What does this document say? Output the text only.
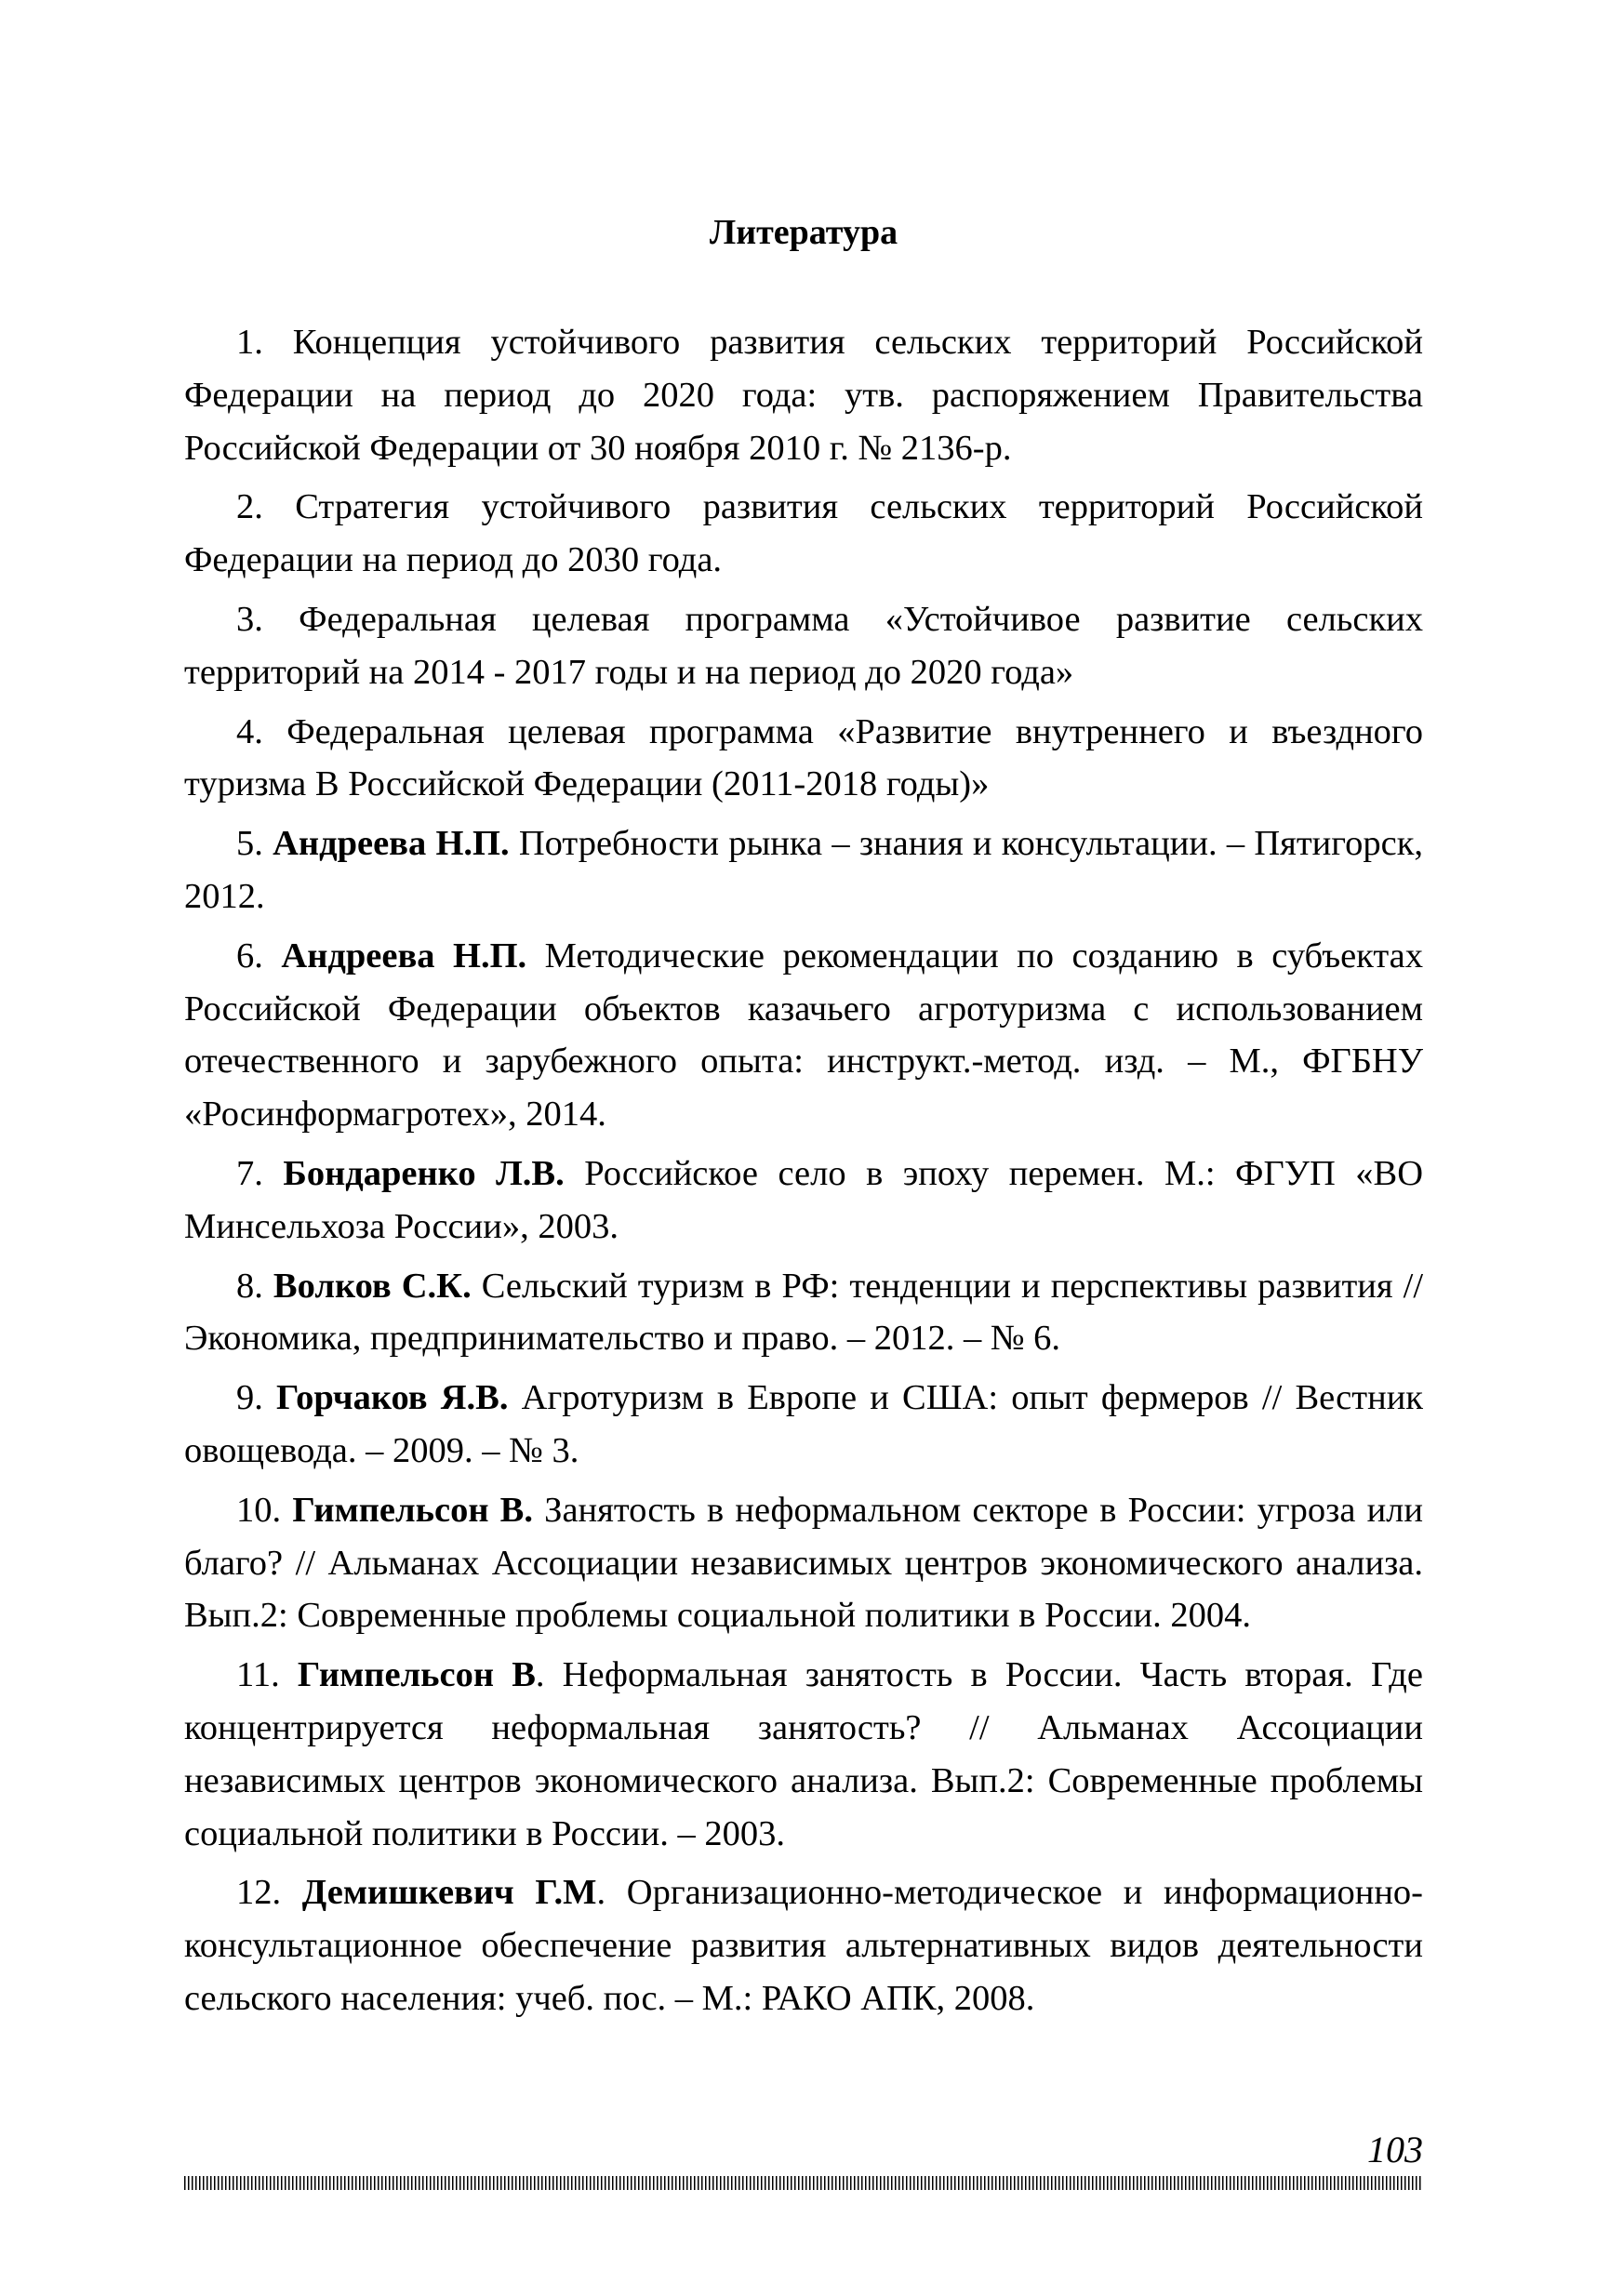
Литература
1. Концепция устойчивого развития сельских территорий Российской Федерации на период до 2020 года: утв. распоряжением Правительства Российской Федерации от 30 ноября 2010 г. № 2136-р.
2. Стратегия устойчивого развития сельских территорий Российской Федерации на период до 2030 года.
3. Федеральная целевая программа «Устойчивое развитие сельских территорий на 2014 - 2017 годы и на период до 2020 года»
4. Федеральная целевая программа «Развитие внутреннего и въездного туризма В Российской Федерации (2011-2018 годы)»
5. Андреева Н.П. Потребности рынка – знания и консультации. – Пятигорск, 2012.
6. Андреева Н.П. Методические рекомендации по созданию в субъектах Российской Федерации объектов казачьего агротуризма с использованием отечественного и зарубежного опыта: инструкт.-метод. изд. – М., ФГБНУ «Росинформагротех», 2014.
7. Бондаренко Л.В. Российское село в эпоху перемен. М.: ФГУП «ВО Минсельхоза России», 2003.
8. Волков С.К. Сельский туризм в РФ: тенденции и перспективы развития // Экономика, предпринимательство и право. – 2012. – № 6.
9. Горчаков Я.В. Агротуризм в Европе и США: опыт фермеров // Вестник овощевода. – 2009. – № 3.
10. Гимпельсон В. Занятость в неформальном секторе в России: угроза или благо? // Альманах Ассоциации независимых центров экономического анализа. Вып.2: Современные проблемы социальной политики в России. 2004.
11. Гимпельсон В. Неформальная занятость в России. Часть вторая. Где концентрируется неформальная занятость? // Альманах Ассоциации независимых центров экономического анализа. Вып.2: Современные проблемы социальной политики в России. – 2003.
12. Демишкевич Г.М. Организационно-методическое и информационно-консультационное обеспечение развития альтернативных видов деятельности сельского населения: учеб. пос. – М.: РАКО АПК, 2008.
103
